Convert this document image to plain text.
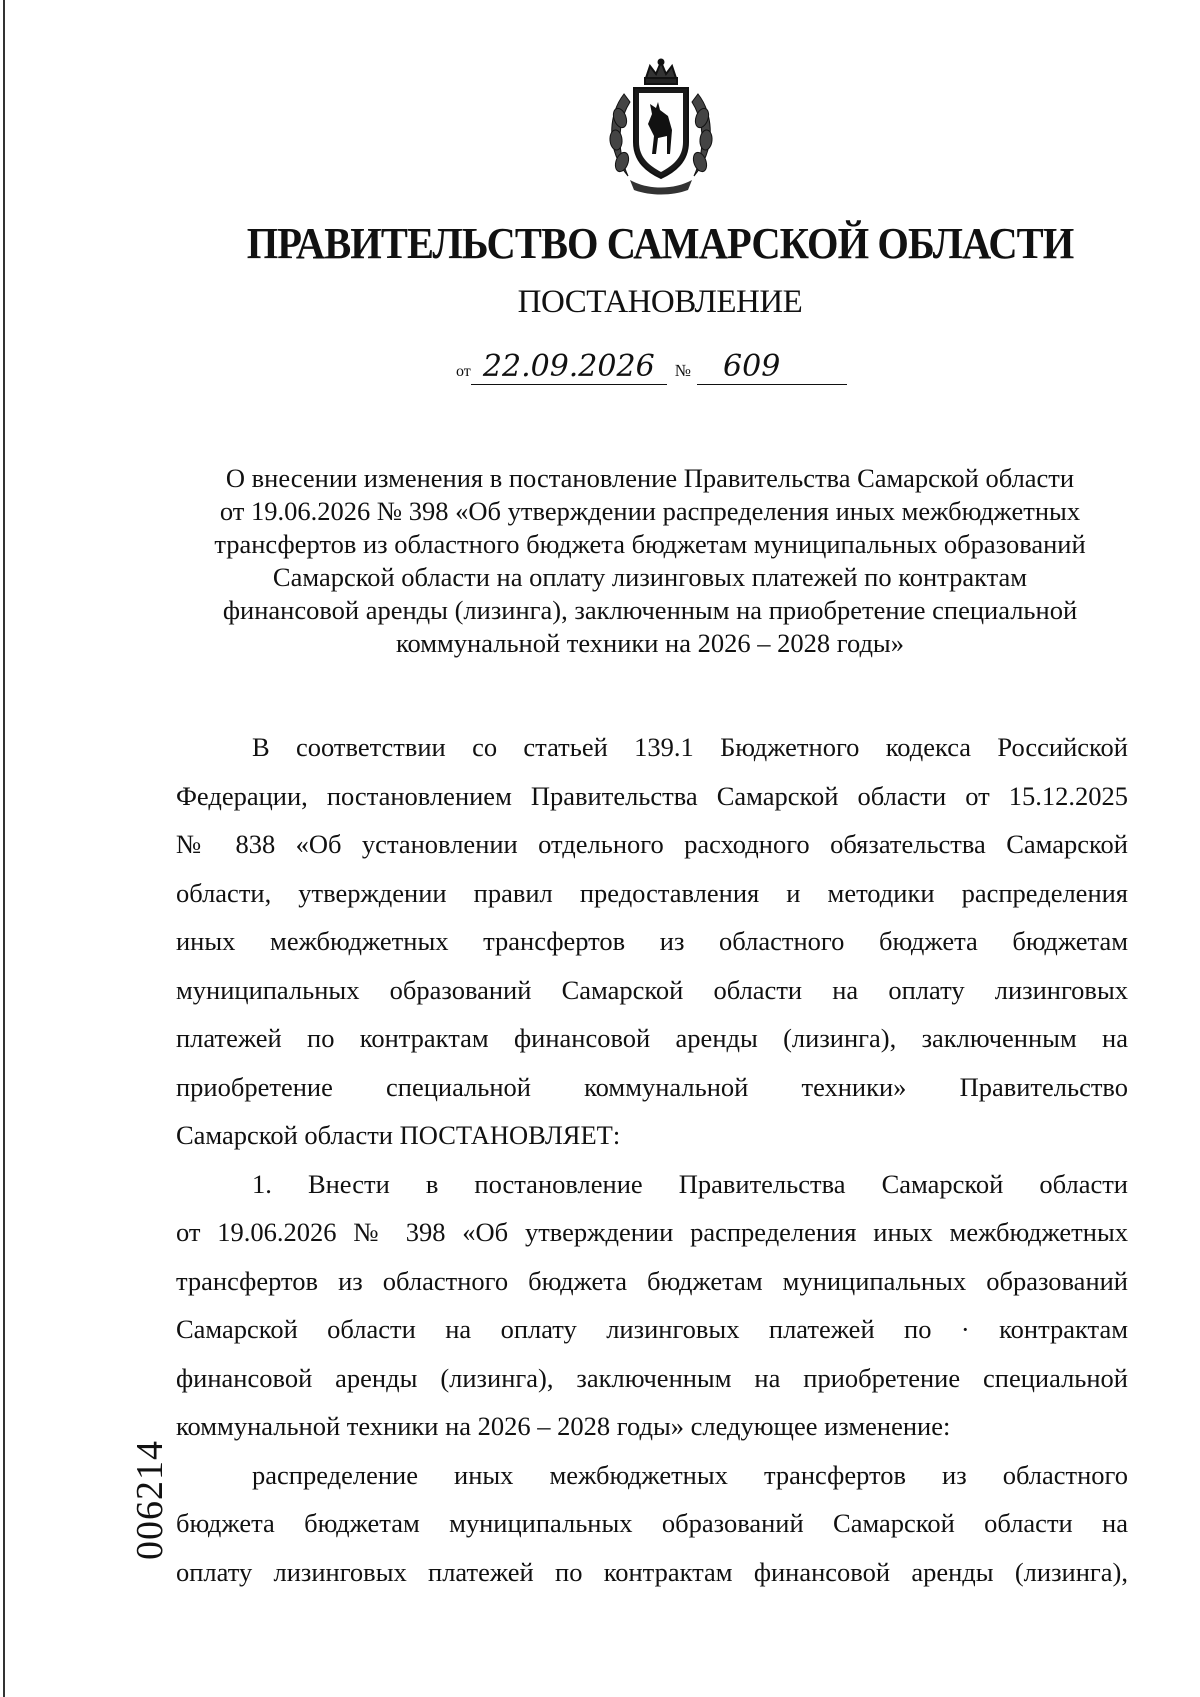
ПРАВИТЕЛЬСТВО САМАРСКОЙ ОБЛАСТИ
ПОСТАНОВЛЕНИЕ
от 22.09.2026	№	609
О внесении изменения в постановление Правительства Самарской области
от 19.06.2026 № 398 «Об утверждении распределения иных межбюджетных
трансфертов из областного бюджета бюджетам муниципальных образований
Самарской области на оплату лизинговых платежей по контрактам
финансовой аренды (лизинга), заключенным на приобретение специальной
коммунальной техники на 2026 – 2028 годы»
В соответствии со статьей 139.1 Бюджетного кодекса Российской
Федерации, постановлением Правительства Самарской области от 15.12.2025
№ 838 «Об установлении отдельного расходного обязательства Самарской
области, утверждении правил предоставления и методики распределения
иных межбюджетных трансфертов из областного бюджета бюджетам
муниципальных образований Самарской области на оплату лизинговых
платежей по контрактам финансовой аренды (лизинга), заключенным на
приобретение специальной коммунальной техники» Правительство
Самарской области ПОСТАНОВЛЯЕТ:
1. Внести в постановление Правительства Самарской области
от 19.06.2026 № 398 «Об утверждении распределения иных межбюджетных
трансфертов из областного бюджета бюджетам муниципальных образований
Самарской области на оплату лизинговых платежей по · контрактам
финансовой аренды (лизинга), заключенным на приобретение специальной
коммунальной техники на 2026 – 2028 годы» следующее изменение:
распределение иных межбюджетных трансфертов из областного
бюджета бюджетам муниципальных образований Самарской области на
оплату лизинговых платежей по контрактам финансовой аренды (лизинга),
006214
